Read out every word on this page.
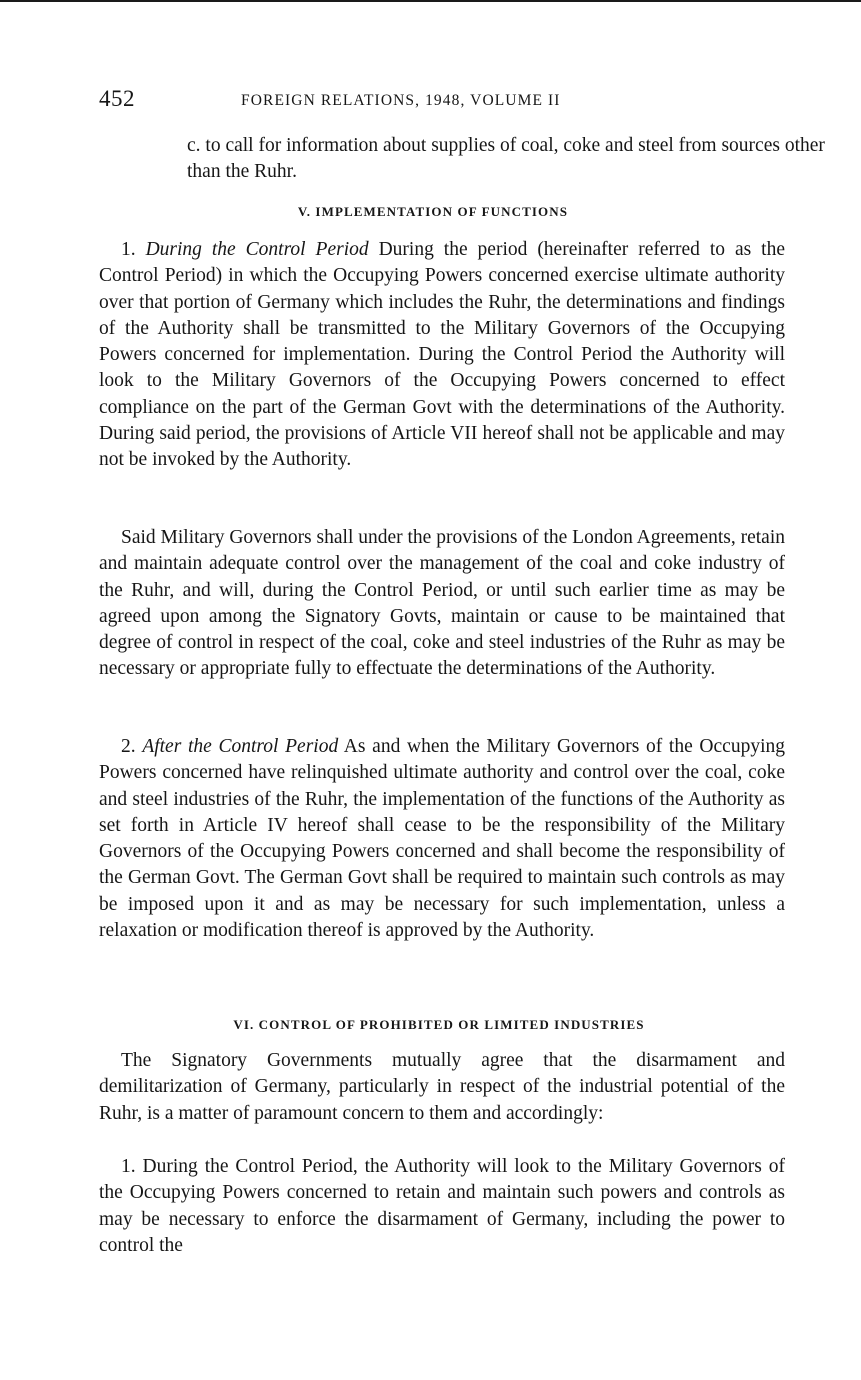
452	FOREIGN RELATIONS, 1948, VOLUME II

c. to call for information about supplies of coal, coke and steel from sources other than the Ruhr.

V. IMPLEMENTATION OF FUNCTIONS

1. During the Control Period During the period (hereinafter referred to as the Control Period) in which the Occupying Powers concerned exercise ultimate authority over that portion of Germany which includes the Ruhr, the determinations and findings of the Authority shall be transmitted to the Military Governors of the Occupying Powers concerned for implementation. During the Control Period the Authority will look to the Military Governors of the Occupying Powers concerned to effect compliance on the part of the German Govt with the determinations of the Authority. During said period, the provisions of Article VII hereof shall not be applicable and may not be invoked by the Authority.

Said Military Governors shall under the provisions of the London Agreements, retain and maintain adequate control over the management of the coal and coke industry of the Ruhr, and will, during the Control Period, or until such earlier time as may be agreed upon among the Signatory Govts, maintain or cause to be maintained that degree of control in respect of the coal, coke and steel industries of the Ruhr as may be necessary or appropriate fully to effectuate the determinations of the Authority.

2. After the Control Period As and when the Military Governors of the Occupying Powers concerned have relinquished ultimate authority and control over the coal, coke and steel industries of the Ruhr, the implementation of the functions of the Authority as set forth in Article IV hereof shall cease to be the responsibility of the Military Governors of the Occupying Powers concerned and shall become the responsibility of the German Govt. The German Govt shall be required to maintain such controls as may be imposed upon it and as may be necessary for such implementation, unless a relaxation or modification thereof is approved by the Authority.

VI. CONTROL OF PROHIBITED OR LIMITED INDUSTRIES

The Signatory Governments mutually agree that the disarmament and demilitarization of Germany, particularly in respect of the industrial potential of the Ruhr, is a matter of paramount concern to them and accordingly:

1. During the Control Period, the Authority will look to the Military Governors of the Occupying Powers concerned to retain and maintain such powers and controls as may be necessary to enforce the disarmament of Germany, including the power to control the
